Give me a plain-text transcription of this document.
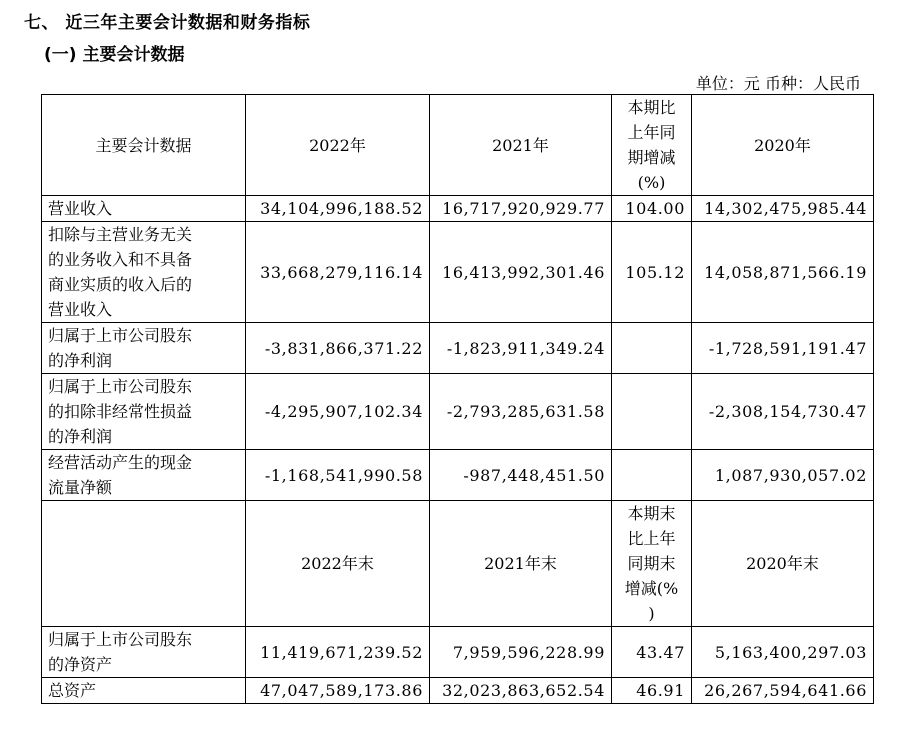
七、 近三年主要会计数据和财务指标
(一) 主要会计数据
单位：元 币种：人民币
主要会计数据	2022年	2021年	本期比
上年同
期增减
(%)	2020年

营业收入	34,104,996,188.52	16,717,920,929.77	104.00	14,302,475,985.44

扣除与主营业务无关
的业务收入和不具备
商业实质的收入后的
营业收入	33,668,279,116.14	16,413,992,301.46	105.12	14,058,871,566.19

归属于上市公司股东
的净利润	-3,831,866,371.22	-1,823,911,349.24		-1,728,591,191.47

归属于上市公司股东
的扣除非经常性损益
的净利润	-4,295,907,102.34	-2,793,285,631.58		-2,308,154,730.47

经营活动产生的现金
流量净额	-1,168,541,990.58	-987,448,451.50		1,087,930,057.02
	2022年末	2021年末	本期末
比上年
同期末
增减(%
)	2020年末

归属于上市公司股东
的净资产	11,419,671,239.52	7,959,596,228.99	43.47	5,163,400,297.03

总资产	47,047,589,173.86	32,023,863,652.54	46.91	26,267,594,641.66
